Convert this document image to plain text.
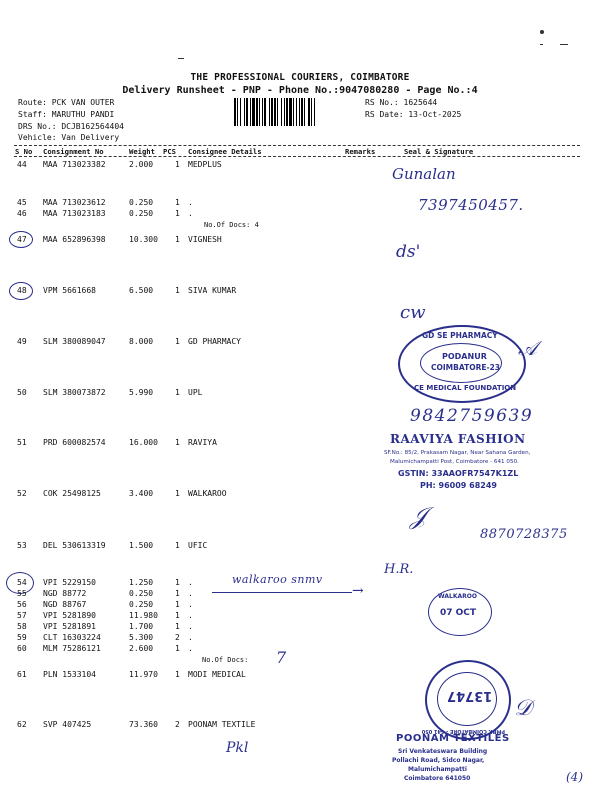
THE PROFESSIONAL COURIERS, COIMBATORE
Delivery Runsheet - PNP - Phone No.:9047080280 - Page No.:4
Route: PCK VAN OUTER
Staff: MARUTHU PANDI
DRS No.: DCJB162564404
Vehicle: Van Delivery
RS No.: 1625644
RS Date: 13-Oct-2025
S No Consignment No	Weight PCS Consignee Details	Remarks	Seal & Signature
44 MAA 713023382	2.000	1 MEDPLUS
Gunalan
7397450457.
45 MAA 713023612	0.250	1 .
46 MAA 713023183	0.250	1 .
No.Of Docs: 4
47 MAA 652896398	10.300 1 VIGNESH
ds'
48 VPM 5661668	6.500	1 SIVA KUMAR
cw
49 SLM 380089047	8.000	1 GD PHARMACY
GD SE PHARMACY
PODANUR
COIMBATORE-23
CE MEDICAL FOUNDATION
𝒜
50 SLM 380073872	5.990	1 UPL
9842759639
51 PRD 600082574	16.000 1 RAVIYA	RAAVIYA FASHION
SF.No.: 85/2, Prakasam Nagar, Near Sahana Garden,
Malumichampatti Post, Coimbatore - 641 050.
GSTIN: 33AAOFR7547K1ZL
PH: 96009 68249
52 COK 25498125	3.400	1 WALKAROO
𝒥
8870728375
53 DEL 530613319	1.500	1 UFIC
54 VPI 5229150	1.250	1 .
55 NGD 88772	0.250	1 .
56 NGD 88767	0.250	1 .
57 VPI 5281890	11.980 1 .
58 VPI 5281891	1.700	1 .
59 CLT 16303224	5.300	2 .
60 MLM 75286121	2.600	1 .
No.Of Docs: 7
walkaroo snmv
→
H.R.
WALKAROO
07 OCT
61 PLN 1533104	11.970 1 MODI MEDICAL
PMBK COIMBATORE - 641 050
13747
𝒟
62 SVP 407425	73.360 2 POONAM TEXTILE
Pkl
POONAM TEXTILES
Sri Venkateswara Building
Pollachi Road, Sidco Nagar,
Malumichampatti
Coimbatore 641050	(4)
